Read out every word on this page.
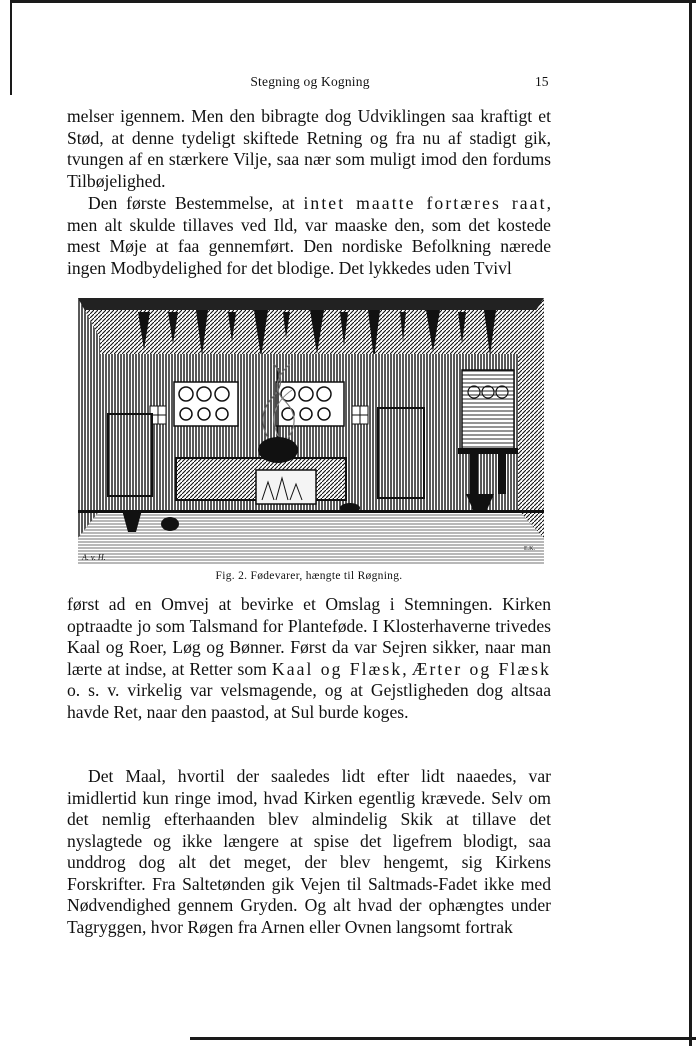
Stegning og Kogning	15

melser igennem. Men den bibragte dog Udviklingen saa kraftigt et Stød, at denne tydeligt skiftede Retning og fra nu af stadigt gik, tvungen af en stærkere Vilje, saa nær som muligt imod den fordums Tilbøjelighed.

Den første Bestemmelse, at intet maatte fortæres raat, men alt skulde tillaves ved Ild, var maaske den, som det kostede mest Møje at faa gennemført. Den nordiske Befolkning nærede ingen Modbydelighed for det blodige. Det lykkedes uden Tvivl

A. v. H.
E.K.
Fig. 2. Fødevarer, hængte til Røgning.

først ad en Omvej at bevirke et Omslag i Stemningen. Kirken optraadte jo som Talsmand for Plantefødе. I Klosterhaverne trivedes Kaal og Roer, Løg og Bønner. Først da var Sejren sikker, naar man lærte at indse, at Retter som Kaal og Flæsk, Ærter og Flæsk o. s. v. virkelig var velsmagende, og at Gejstligheden dog altsaa havde Ret, naar den paastod, at Sul burde koges.

Det Maal, hvortil der saaledes lidt efter lidt naaedes, var imidlertid kun ringe imod, hvad Kirken egentlig krævede. Selv om det nemlig efterhaanden blev almindelig Skik at tillave det nyslagtede og ikke længere at spise det ligefrem blodigt, saa unddrog dog alt det meget, der blev hengemt, sig Kirkens Forskrifter. Fra Saltetønden gik Vejen til Saltmads-Fadet ikke med Nødvendighed gennem Gryden. Og alt hvad der ophængtes under Tagryggen, hvor Røgen fra Arnen eller Ovnen langsomt fortrak
